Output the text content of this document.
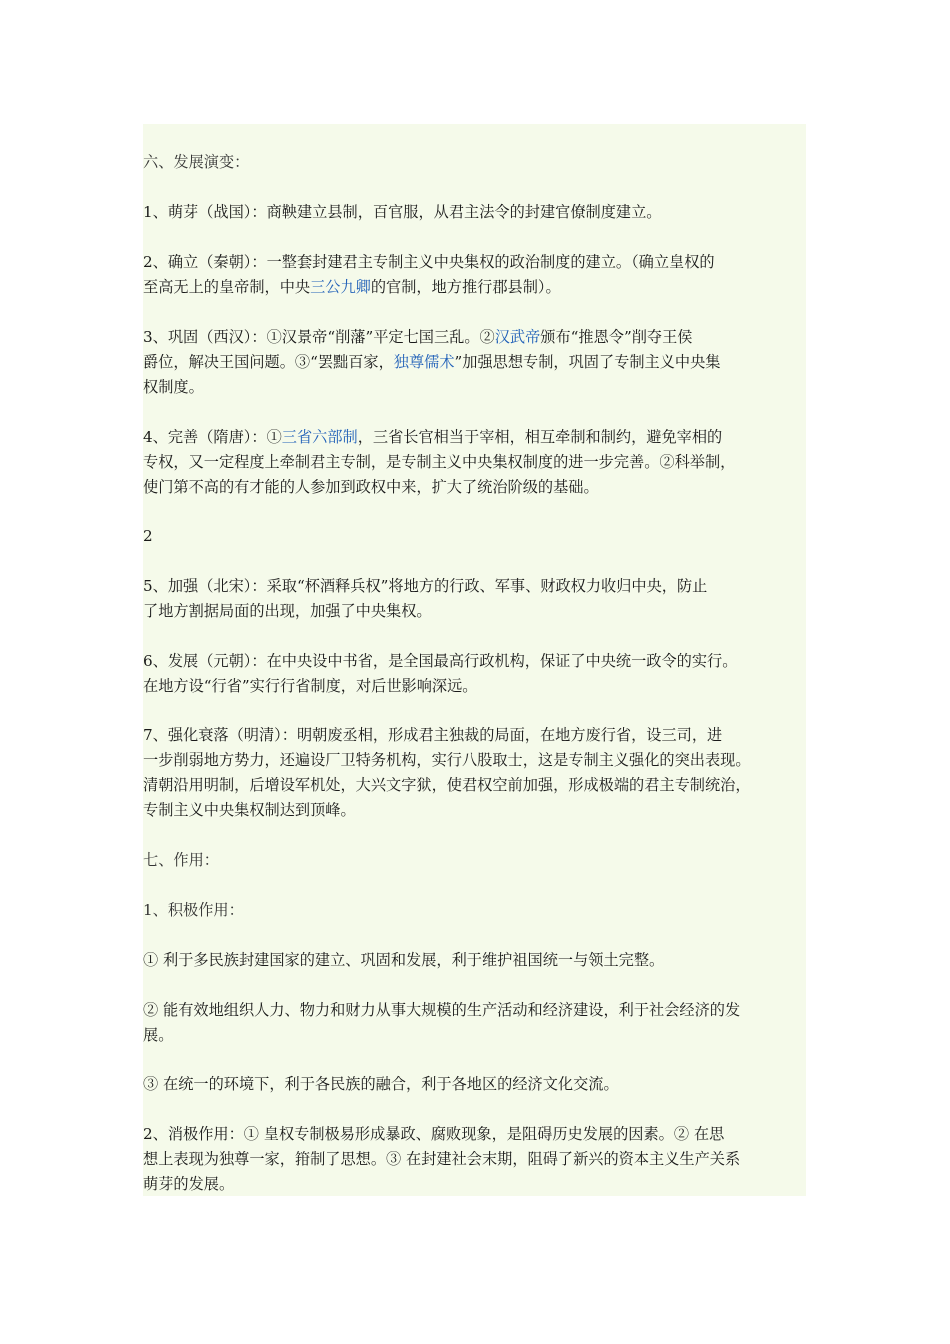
六、发展演变：

1、萌芽（战国）：商鞅建立县制，百官服，从君主法令的封建官僚制度建立。

2、确立（秦朝）：一整套封建君主专制主义中央集权的政治制度的建立。（确立皇权的
至高无上的皇帝制，中央三公九卿的官制，地方推行郡县制）。

3、巩固（西汉）：①汉景帝“削藩”平定七国三乱。②汉武帝颁布“推恩令”削夺王侯
爵位，解决王国问题。③“罢黜百家，独尊儒术”加强思想专制，巩固了专制主义中央集
权制度。

4、完善（隋唐）：①三省六部制，三省长官相当于宰相，相互牵制和制约，避免宰相的
专权，又一定程度上牵制君主专制，是专制主义中央集权制度的进一步完善。②科举制，
使门第不高的有才能的人参加到政权中来，扩大了统治阶级的基础。

2

5、加强（北宋）：采取“杯酒释兵权”将地方的行政、军事、财政权力收归中央，防止
了地方割据局面的出现，加强了中央集权。

6、发展（元朝）：在中央设中书省，是全国最高行政机构，保证了中央统一政令的实行。
在地方设“行省”实行行省制度，对后世影响深远。

7、强化衰落（明清）：明朝废丞相，形成君主独裁的局面，在地方废行省，设三司，进
一步削弱地方势力，还遍设厂卫特务机构，实行八股取士，这是专制主义强化的突出表现。
清朝沿用明制，后增设军机处，大兴文字狱，使君权空前加强，形成极端的君主专制统治，
专制主义中央集权制达到顶峰。

七、作用：

1、积极作用：

① 利于多民族封建国家的建立、巩固和发展，利于维护祖国统一与领土完整。

② 能有效地组织人力、物力和财力从事大规模的生产活动和经济建设，利于社会经济的发
展。

③ 在统一的环境下，利于各民族的融合，利于各地区的经济文化交流。

2、消极作用：① 皇权专制极易形成暴政、腐败现象，是阻碍历史发展的因素。② 在思
想上表现为独尊一家，箝制了思想。③ 在封建社会末期，阻碍了新兴的资本主义生产关系
萌芽的发展。
